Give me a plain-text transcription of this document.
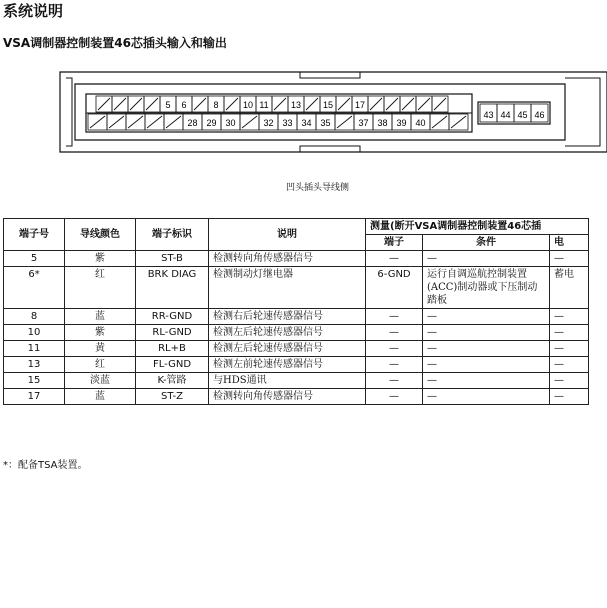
系统说明
VSA调制器控制装置46芯插头输入和输出
5 6	8	10 11 13 15 17
28 29 30	32 33 34 35	37 38 39 40
43 44 45 46
凹头插头导线侧
端子号	导线颜色	端子标识	说明	测量(断开VSA调制器控制装置46芯插		
				端子	条件	电
5	紫	ST-B	检测转向角传感器信号	—	—	—
6*	红	BRK DIAG	检测制动灯继电器	6-GND	运行自调巡航控制装置(ACC)制动器或下压制动踏板	蓄电
8	蓝	RR-GND	检测右后轮速传感器信号	—	—	—
10	紫	RL-GND	检测左后轮速传感器信号	—	—	—
11	黄	RL+B	检测左后轮速传感器信号	—	—	—
13	红	FL-GND	检测左前轮速传感器信号	—	—	—
15	淡蓝	K-管路	与HDS通讯	—	—	—
17	蓝	ST-Z	检测转向角传感器信号	—	—	—
*：配备TSA装置。
